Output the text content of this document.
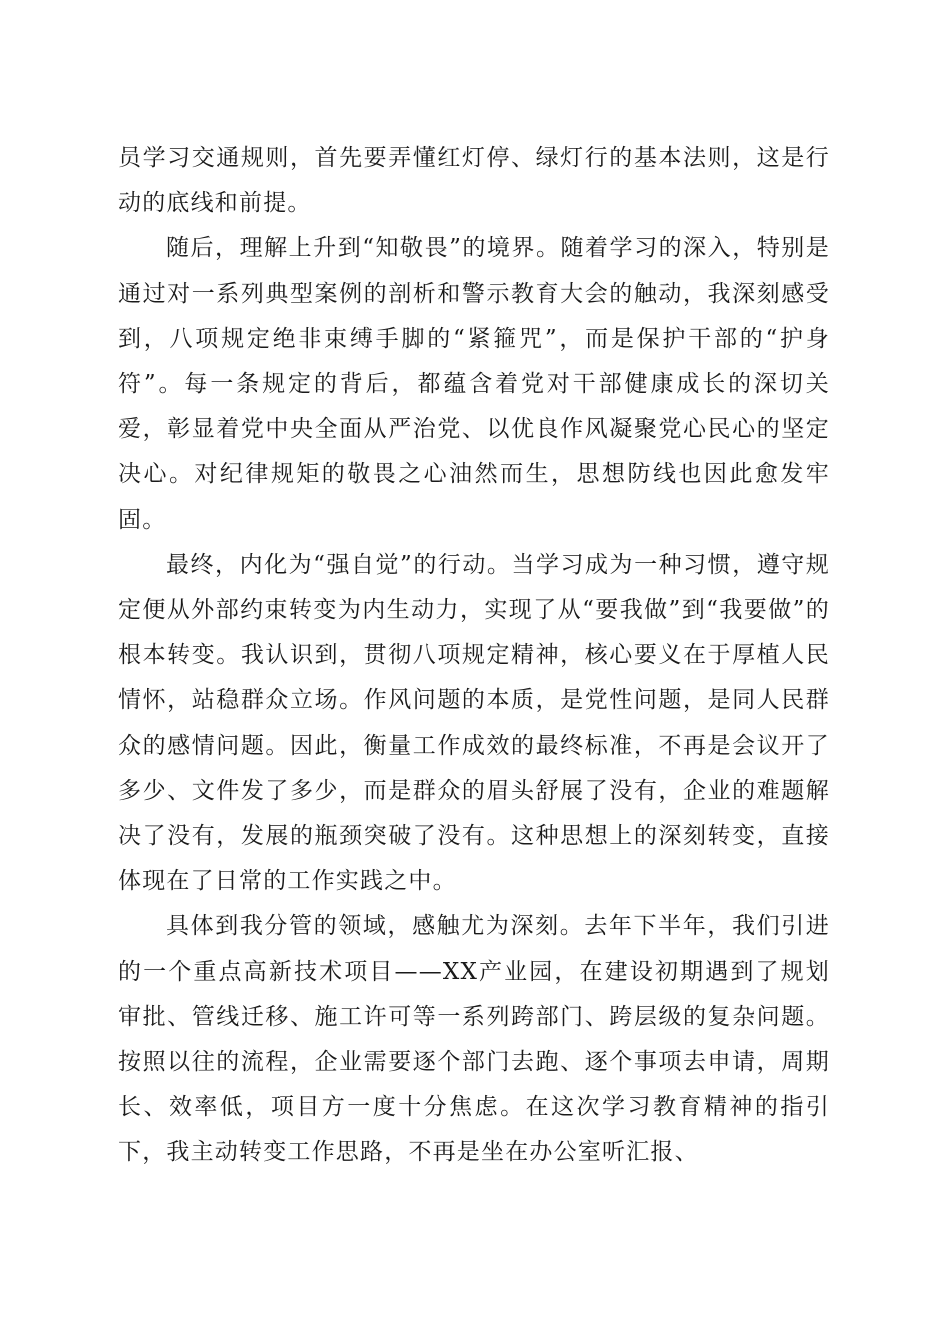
员学习交通规则，首先要弄懂红灯停、绿灯行的基本法则，这是行动的底线和前提。

随后，理解上升到“知敬畏”的境界。随着学习的深入，特别是通过对一系列典型案例的剖析和警示教育大会的触动，我深刻感受到，八项规定绝非束缚手脚的“紧箍咒”，而是保护干部的“护身符”。每一条规定的背后，都蕴含着党对干部健康成长的深切关爱，彰显着党中央全面从严治党、以优良作风凝聚党心民心的坚定决心。对纪律规矩的敬畏之心油然而生，思想防线也因此愈发牢固。

最终，内化为“强自觉”的行动。当学习成为一种习惯，遵守规定便从外部约束转变为内生动力，实现了从“要我做”到“我要做”的根本转变。我认识到，贯彻八项规定精神，核心要义在于厚植人民情怀，站稳群众立场。作风问题的本质，是党性问题，是同人民群众的感情问题。因此，衡量工作成效的最终标准，不再是会议开了多少、文件发了多少，而是群众的眉头舒展了没有，企业的难题解决了没有，发展的瓶颈突破了没有。这种思想上的深刻转变，直接体现在了日常的工作实践之中。

具体到我分管的领域，感触尤为深刻。去年下半年，我们引进的一个重点高新技术项目——XX产业园，在建设初期遇到了规划审批、管线迁移、施工许可等一系列跨部门、跨层级的复杂问题。按照以往的流程，企业需要逐个部门去跑、逐个事项去申请，周期长、效率低，项目方一度十分焦虑。在这次学习教育精神的指引下，我主动转变工作思路，不再是坐在办公室听汇报、
